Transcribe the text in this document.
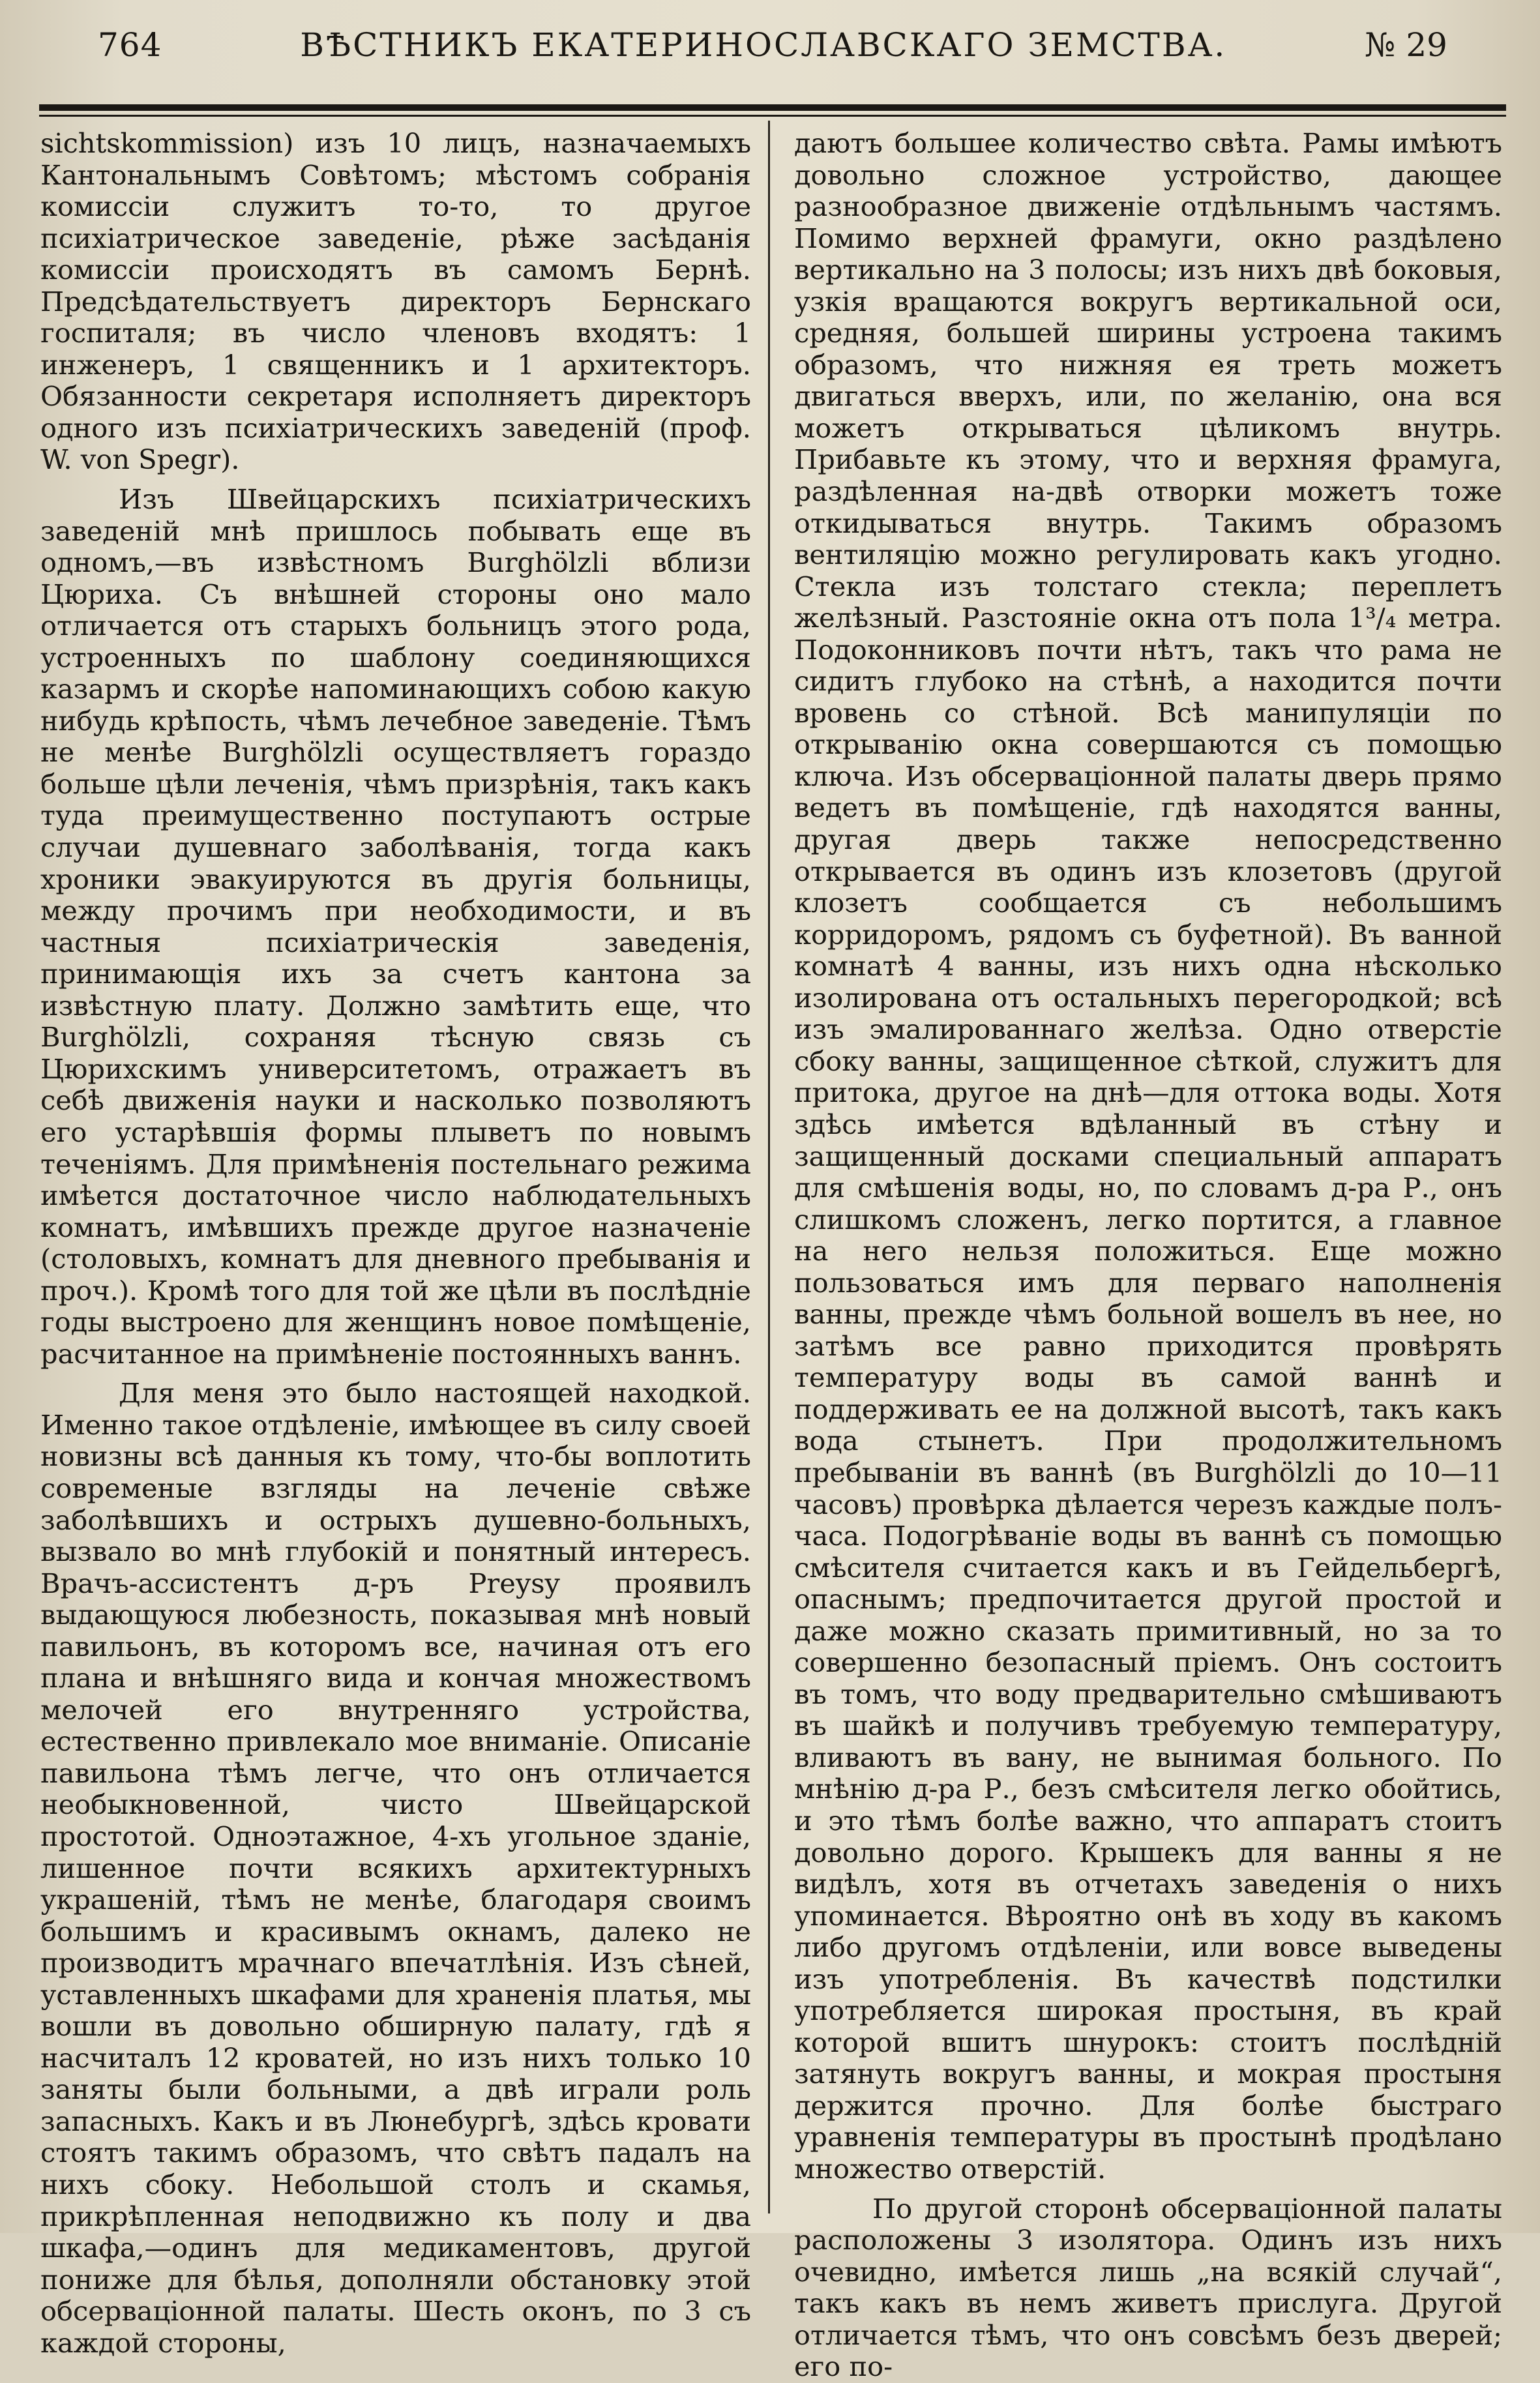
764	ВѢСТНИКЪ ЕКАТЕРИНОСЛАВСКАГО ЗЕМСТВА.	№ 29

sichtskommission) изъ 10 лицъ, назначаемыхъ Кантональнымъ Совѣтомъ; мѣстомъ собранія комиссіи служитъ то-то, то другое психіатрическое заведеніе, рѣже засѣданія комиссіи происходятъ въ самомъ Бернѣ. Предсѣдательствуетъ директоръ Бернскаго госпиталя; въ число членовъ входятъ: 1 инженеръ, 1 священникъ и 1 архитекторъ. Обязанности секретаря исполняетъ директоръ одного изъ психіатрическихъ заведеній (проф. W. von Spegr).

Изъ Швейцарскихъ психіатрическихъ заведеній мнѣ пришлось побывать еще въ одномъ,—въ извѣстномъ Burghölzli вблизи Цюриха. Съ внѣшней стороны оно мало отличается отъ старыхъ больницъ этого рода, устроенныхъ по шаблону соединяющихся казармъ и скорѣе напоминающихъ собою какую нибудь крѣпость, чѣмъ лечебное заведеніе. Тѣмъ не менѣе Burghölzli осуществляетъ гораздо больше цѣли леченія, чѣмъ призрѣнія, такъ какъ туда преимущественно поступаютъ острые случаи душевнаго заболѣванія, тогда какъ хроники эвакуируются въ другія больницы, между прочимъ при необходимости, и въ частныя психіатрическія заведенія, принимающія ихъ за счетъ кантона за извѣстную плату. Должно замѣтить еще, что Burghölzli, сохраняя тѣсную связь съ Цюрихскимъ университетомъ, отражаетъ въ себѣ движенія науки и насколько позволяютъ его устарѣвшія формы плыветъ по новымъ теченіямъ. Для примѣненія постельнаго режима имѣется достаточное число наблюдательныхъ комнатъ, имѣвшихъ прежде другое назначеніе (столовыхъ, комнатъ для дневного пребыванія и проч.). Кромѣ того для той же цѣли въ послѣдніе годы выстроено для женщинъ новое помѣщеніе, расчитанное на примѣненіе постоянныхъ ваннъ.

Для меня это было настоящей находкой. Именно такое отдѣленіе, имѣющее въ силу своей новизны всѣ данныя къ тому, что-бы воплотить современые взгляды на леченіе свѣже заболѣвшихъ и острыхъ душевно-больныхъ, вызвало во мнѣ глубокій и понятный интересъ. Врачъ-ассистентъ д-ръ Preysy проявилъ выдающуюся любезность, показывая мнѣ новый павильонъ, въ которомъ все, начиная отъ его плана и внѣшняго вида и кончая множествомъ мелочей его внутренняго устройства, естественно привлекало мое вниманіе. Описаніе павильона тѣмъ легче, что онъ отличается необыкновенной, чисто Швейцарской простотой. Одноэтажное, 4-хъ угольное зданіе, лишенное почти всякихъ архитектурныхъ украшеній, тѣмъ не менѣе, благодаря своимъ большимъ и красивымъ окнамъ, далеко не производитъ мрачнаго впечатлѣнія. Изъ сѣней, уставленныхъ шкафами для храненія платья, мы вошли въ довольно обширную палату, гдѣ я насчиталъ 12 кроватей, но изъ нихъ только 10 заняты были больными, а двѣ играли роль запасныхъ. Какъ и въ Люнебургѣ, здѣсь кровати стоятъ такимъ образомъ, что свѣтъ падалъ на нихъ сбоку. Небольшой столъ и скамья, прикрѣпленная неподвижно къ полу и два шкафа,—одинъ для медикаментовъ, другой пониже для бѣлья, дополняли обстановку этой обсерваціонной палаты. Шесть оконъ, по 3 съ каждой стороны,

даютъ большее количество свѣта. Рамы имѣютъ довольно сложное устройство, дающее разнообразное движеніе отдѣльнымъ частямъ. Помимо верхней фрамуги, окно раздѣлено вертикально на 3 полосы; изъ нихъ двѣ боковыя, узкія вращаются вокругъ вертикальной оси, средняя, большей ширины устроена такимъ образомъ, что нижняя ея треть можетъ двигаться вверхъ, или, по желанію, она вся можетъ открываться цѣликомъ внутрь. Прибавьте къ этому, что и верхняя фрамуга, раздѣленная на-двѣ отворки можетъ тоже откидываться внутрь. Такимъ образомъ вентиляцію можно регулировать какъ угодно. Стекла изъ толстаго стекла; переплетъ желѣзный. Разстояніе окна отъ пола 1³/₄ метра. Подоконниковъ почти нѣтъ, такъ что рама не сидитъ глубоко на стѣнѣ, а находится почти вровень со стѣной. Всѣ манипуляціи по открыванію окна совершаются съ помощью ключа. Изъ обсерваціонной палаты дверь прямо ведетъ въ помѣщеніе, гдѣ находятся ванны, другая дверь также непосредственно открывается въ одинъ изъ клозетовъ (другой клозетъ сообщается съ небольшимъ корридоромъ, рядомъ съ буфетной). Въ ванной комнатѣ 4 ванны, изъ нихъ одна нѣсколько изолирована отъ остальныхъ перегородкой; всѣ изъ эмалированнаго желѣза. Одно отверстіе сбоку ванны, защищенное сѣткой, служитъ для притока, другое на днѣ—для оттока воды. Хотя здѣсь имѣется вдѣланный въ стѣну и защищенный досками специальный аппаратъ для смѣшенія воды, но, по словамъ д-ра Р., онъ слишкомъ сложенъ, легко портится, а главное на него нельзя положиться. Еще можно пользоваться имъ для перваго наполненія ванны, прежде чѣмъ больной вошелъ въ нее, но затѣмъ все равно приходится провѣрять температуру воды въ самой ваннѣ и поддерживать ее на должной высотѣ, такъ какъ вода стынетъ. При продолжительномъ пребываніи въ ваннѣ (въ Burghölzli до 10—11 часовъ) провѣрка дѣлается черезъ каждые полъ-часа. Подогрѣваніе воды въ ваннѣ съ помощью смѣсителя считается какъ и въ Гейдельбергѣ, опаснымъ; предпочитается другой простой и даже можно сказать примитивный, но за то совершенно безопасный пріемъ. Онъ состоитъ въ томъ, что воду предварительно смѣшиваютъ въ шайкѣ и получивъ требуемую температуру, вливаютъ въ вану, не вынимая больного. По мнѣнію д-ра Р., безъ смѣсителя легко обойтись, и это тѣмъ болѣе важно, что аппаратъ стоитъ довольно дорого. Крышекъ для ванны я не видѣлъ, хотя въ отчетахъ заведенія о нихъ упоминается. Вѣроятно онѣ въ ходу въ какомъ либо другомъ отдѣленіи, или вовсе выведены изъ употребленія. Въ качествѣ подстилки употребляется широкая простыня, въ край которой вшитъ шнурокъ: стоитъ послѣдній затянуть вокругъ ванны, и мокрая простыня держится прочно. Для болѣе быстраго уравненія температуры въ простынѣ продѣлано множество отверстій.

По другой сторонѣ обсерваціонной палаты расположены 3 изолятора. Одинъ изъ нихъ очевидно, имѣется лишь „на всякій случай“, такъ какъ въ немъ живетъ прислуга. Другой отличается тѣмъ, что онъ совсѣмъ безъ дверей; его по-
